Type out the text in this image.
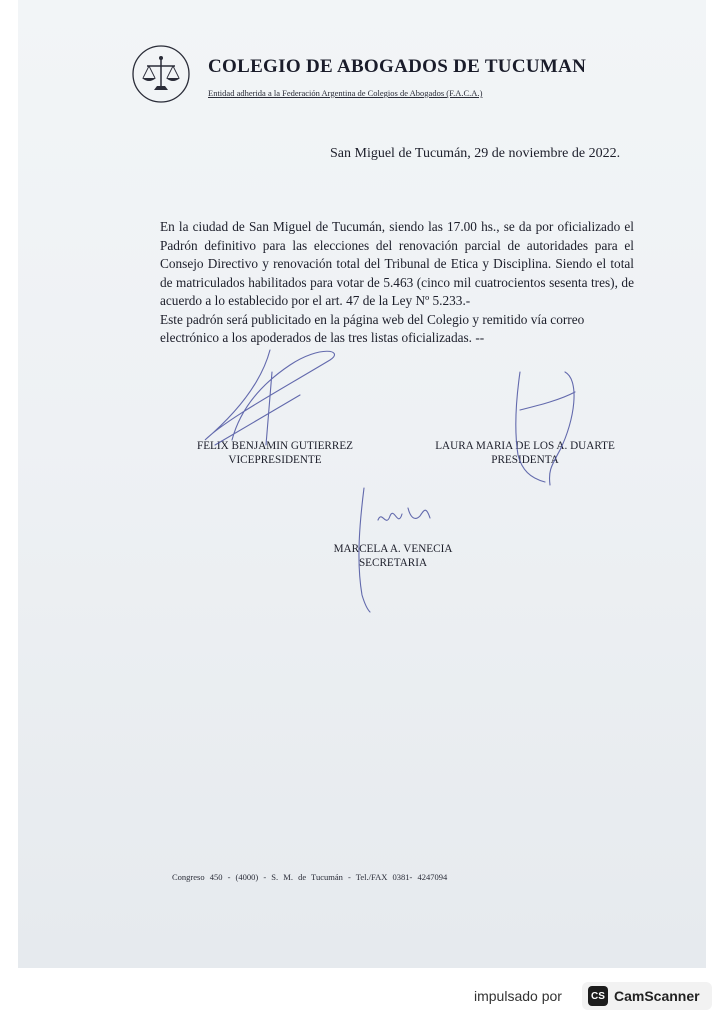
COLEGIO DE ABOGADOS DE TUCUMAN
Entidad adherida a la Federación Argentina de Colegios de Abogados (F.A.C.A.)
San Miguel de Tucumán, 29 de noviembre de 2022.

En la ciudad de San Miguel de Tucumán, siendo las 17.00 hs., se da por oficializado el Padrón definitivo para las elecciones del renovación parcial de autoridades para el Consejo Directivo y renovación total del Tribunal de Etica y Disciplina. Siendo el total de matriculados habilitados para votar de 5.463 (cinco mil cuatrocientos sesenta tres), de acuerdo a lo establecido por el art. 47 de la Ley Nº 5.233.-

Este padrón será publicitado en la página web del Colegio y remitido vía correo electrónico a los apoderados de las tres listas oficializadas. --

FELIX BENJAMIN GUTIERREZ
VICEPRESIDENTE
LAURA MARIA DE LOS A. DUARTE
PRESIDENTA
MARCELA A. VENECIA
SECRETARIA
Congreso 450 - (4000) - S. M. de Tucumán - Tel./FAX 0381- 4247094
impulsado por	CS CamScanner
